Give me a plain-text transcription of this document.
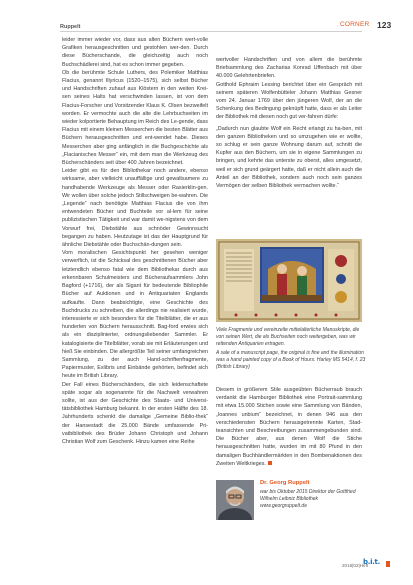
Ruppelt	CORNER 123

leider immer wieder vor, dass aus alten Büchern wert-volle Grafiken herausgeschnitten und gestohlen wer-den. Durch diese Bücherschande, die gleichzeitig auch noch Buchschädlerei sind, hat es schon immer gegeben.

Ob die berühmte Schule Luthers, des Polemiker Matthias Flacius, genannt Illyricus (1520–1575), sich selbst Bücher und Handschriften zuhauf aus Klöstern in den weiten Krei-sen seines Halts hat verschwinden lassen, ist von dem Flacius-Forscher und Vorsitzender Klaus K. Olsen bezweifelt worden. Er vermochte auch die alte die Lehrbuchseiten im wieder kolportierte Behauptung im Reich des Le-gende, dass Flacius mit einem kleinen Messerchen die besten Blätter aus Büchern herausgeschnitten und ent-wendet habe. Dieses Messerchen aber ging anfänglich in die Buchgeschichte als „Flacianisches Messer“ ein, mit dem man die Werkzeug des Bücherschänders seit über 400 Jahren bezeichnet.

Leider gibt es für den Bibliothekar noch andere, ebenso wirksame, aber vielleicht unauffällige und gewaltsamere zu handhabende Werkzeuge als Messer oder Rasierklin-gen. Wir wollen über solche jedoch Stillschweigen be-wahren. Die „Legende“ nach benötigte Matthias Flacius die von ihm entwendeten Bücher und Buchteile vor al-lem für seine publizistischen Tätigkeit und war damit we-nigstens von dem Vorwurf frei, Diebstähle aus schnöder Gewinnsucht begangen zu haben. Heutzutage ist das der Hauptgrund für ähnliche Diebstähle oder Buchschän-dungen sein.

Vom moralischen Gesichtspunkt her gesehen weniger verwerflich, ist die Schicksal des geschnittenen Bücher aber letztendlich ebenso fatal wie dem Bibliothekar durch aus erkennbaren Schulmeisters und Bücheraufsammlers John Bagford (+1716), der als Sigant für bedeutende Bibliophile Bücher auf Auktionen und in Antiquariaten Englands aufkaufte. Dann beabsichtigte, eine Geschichte des Buchdrucks zu schreiben, die allerdings nie realisiert wurde, interessierte er sich besonders für die Titelblätter, die er aus hunderten von Büchern herausschnitt. Bag-ford erwies sich als ein disziplinierter, ordnungsliebender Sammler. Er katalogisierte die Titelblätter, vorab sie mit Erläuterungen und hieß Sie einbinden. Die allergrößte Teil seiner umfangreichen Sammlung, zu der auch Hand-schriftenfragmente, Papiermuster, Exlibris und Einbände gehörten, befindet sich heute im British Library.

Der Fall eines Bücherschänders, die sich leidenschaftete späte sogar als sogenannte für die Nachwelt verwahren sollte, ist aus der Geschichte des Staats- und Universi-tätsbibliothek Hamburg bekannt. In der ersten Hälfte des 18. Jahrhunderts schenkt die damalige „Gemeine Biblio-thek“ der Hansestadt die 25.000 Bände umfassende Pri-vatbibliothek des Brüder Johann Christoph und Johann Christian Wolf zum Geschenk. Hinzu kamen eine Reihe

wertvoller Handschriften und von allem die berühmte Briefsammlung des Zacharias Konrad Uffenbach mit über 40.000 Gelehrtenbriefen.

Gotthold Ephraim Lessing berichtet über ein Gespräch mit seinem späteren Wolfenbütteler Johann Matthias Gesner vom 24. Januar 1769 über den jüngeren Wolf, der an die Schenkung des Bedingung geknüpft hatte, dass er als Leiter der Bibliothek mit diesen noch gut ver-fahren dürfe:

„Dadurch nun glaubte Wolf ein Recht erlangt zu ha-ben, mit den ganzen Bibliotheken und so umzugehen wie er wollte, so schlug er sein ganze Wohnung darum auf, schnitt die Kupfer aus den Büchern, um sie in eigene Sammlungen zu bringen, und kehrte das unterste zu oberst, alles umgesetzt, weil er sich grund geärgert hatte, daß er nicht allein auch die Anteil an der Bibliothek, sondern auch noch sein ganzes Vermögen der selben Bibliothek vermachen wollte.“

Viele Fragmente und vereinzelte mittelalterliche Manuskripte, die von seinen Wert, die als Buchseiten noch weitergeben, was wir rettenden Antiquarien ertragen.

A sale of a manuscript page, the original is fine and the illumination was a hand painted copy of a Book of Hours. Harley MS 5414, f. 23 (British Library)

Diesem in größerem Stile ausgeübten Bücherraub brauch verdankt die Hamburger Bibliothek eine Portrait-sammlung mit etwa 15.000 Stichen sowie eine Sammlung von Bänden, „Ioannes unbium“ bezeichnet, in denen 946 aus den verschiedensten Büchern herausgetrennte Karten, Stad-teansichten und Beschreibungen zusammengebunden sind. Die Bücher aber, aus denen Wolf die Stiche herausgeschnitten hatte, wurden im mit 80 Pfund in den damaligen Buchhändlermärkten in den Bombenaktionen des Zweiten Weltkrieges.

Dr. Georg Ruppelt

war bis Oktober 2015 Direktor der Gottfried Wilhelm Leibniz Bibliothek www.georgruppelt.de

2016|02|Heft
b.i.t.
